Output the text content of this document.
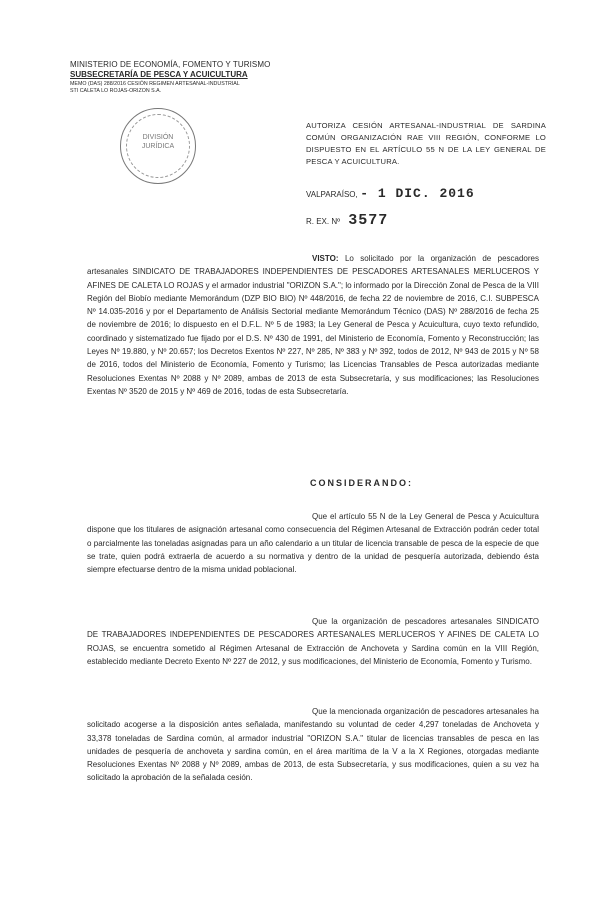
MINISTERIO DE ECONOMÍA, FOMENTO Y TURISMO
SUBSECRETARÍA DE PESCA Y ACUICULTURA
MEMO (DAS) 288/2016 CESIÓN REGIMEN ARTESANAL-INDUSTRIAL
STI CALETA LO ROJAS-ORIZON S.A.
DIVISIÓN
JURÍDICA
AUTORIZA CESIÓN ARTESANAL-INDUSTRIAL DE SARDINA COMÚN ORGANIZACIÓN RAE VIII REGIÓN, CONFORME LO DISPUESTO EN EL ARTÍCULO 55 N DE LA LEY GENERAL DE PESCA Y ACUICULTURA.
VALPARAÍSO, - 1 DIC. 2016
R. EX. Nº 3577

VISTO: Lo solicitado por la organización de pescadores artesanales SINDICATO DE TRABAJADORES INDEPENDIENTES DE PESCADORES ARTESANALES MERLUCEROS Y AFINES DE CALETA LO ROJAS y el armador industrial "ORIZON S.A."; lo informado por la Dirección Zonal de Pesca de la VIII Región del Biobío mediante Memorándum (DZP BIO BIO) Nº 448/2016, de fecha 22 de noviembre de 2016, C.I. SUBPESCA Nº 14.035-2016 y por el Departamento de Análisis Sectorial mediante Memorándum Técnico (DAS) Nº 288/2016 de fecha 25 de noviembre de 2016; lo dispuesto en el D.F.L. Nº 5 de 1983; la Ley General de Pesca y Acuicultura, cuyo texto refundido, coordinado y sistematizado fue fijado por el D.S. Nº 430 de 1991, del Ministerio de Economía, Fomento y Reconstrucción; las Leyes Nº 19.880, y Nº 20.657; los Decretos Exentos Nº 227, Nº 285, Nº 383 y Nº 392, todos de 2012, Nº 943 de 2015 y Nº 58 de 2016, todos del Ministerio de Economía, Fomento y Turismo; las Licencias Transables de Pesca autorizadas mediante Resoluciones Exentas Nº 2088 y Nº 2089, ambas de 2013 de esta Subsecretaría, y sus modificaciones; las Resoluciones Exentas Nº 3520 de 2015 y Nº 469 de 2016, todas de esta Subsecretaría.

CONSIDERANDO:

Que el artículo 55 N de la Ley General de Pesca y Acuicultura dispone que los titulares de asignación artesanal como consecuencia del Régimen Artesanal de Extracción podrán ceder total o parcialmente las toneladas asignadas para un año calendario a un titular de licencia transable de pesca de la especie de que se trate, quien podrá extraerla de acuerdo a su normativa y dentro de la unidad de pesquería autorizada, debiendo ésta siempre efectuarse dentro de la misma unidad poblacional.

Que la organización de pescadores artesanales SINDICATO DE TRABAJADORES INDEPENDIENTES DE PESCADORES ARTESANALES MERLUCEROS Y AFINES DE CALETA LO ROJAS, se encuentra sometido al Régimen Artesanal de Extracción de Anchoveta y Sardina común en la VIII Región, establecido mediante Decreto Exento Nº 227 de 2012, y sus modificaciones, del Ministerio de Economía, Fomento y Turismo.

Que la mencionada organización de pescadores artesanales ha solicitado acogerse a la disposición antes señalada, manifestando su voluntad de ceder 4,297 toneladas de Anchoveta y 33,378 toneladas de Sardina común, al armador industrial "ORIZON S.A." titular de licencias transables de pesca en las unidades de pesquería de anchoveta y sardina común, en el área marítima de la V a la X Regiones, otorgadas mediante Resoluciones Exentas Nº 2088 y Nº 2089, ambas de 2013, de esta Subsecretaría, y sus modificaciones, quien a su vez ha solicitado la aprobación de la señalada cesión.
